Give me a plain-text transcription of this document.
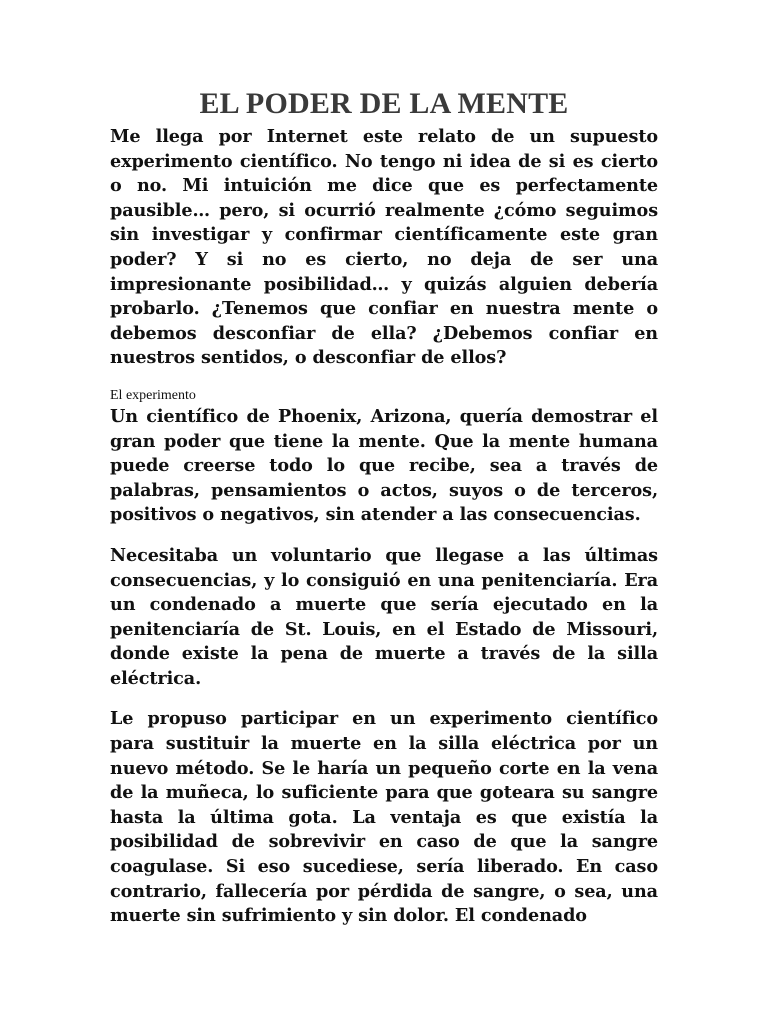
EL PODER DE LA MENTE

Me llega por Internet este relato de un supuesto experimento científico. No tengo ni idea de si es cierto o no. Mi intuición me dice que es perfectamente pausible… pero, si ocurrió realmente ¿cómo seguimos sin investigar y confirmar científicamente este gran poder? Y si no es cierto, no deja de ser una impresionante posibilidad… y quizás alguien debería probarlo. ¿Tenemos que confiar en nuestra mente o debemos desconfiar de ella? ¿Debemos confiar en nuestros sentidos, o desconfiar de ellos?

El experimento

Un científico de Phoenix, Arizona, quería demostrar el gran poder que tiene la mente. Que la mente humana puede creerse todo lo que recibe, sea a través de palabras, pensamientos o actos, suyos o de terceros, positivos o negativos, sin atender a las consecuencias.

Necesitaba un voluntario que llegase a las últimas consecuencias, y lo consiguió en una penitenciaría. Era un condenado a muerte que sería ejecutado en la penitenciaría de St. Louis, en el Estado de Missouri, donde existe la pena de muerte a través de la silla eléctrica.

Le propuso participar en un experimento científico para sustituir la muerte en la silla eléctrica por un nuevo método. Se le haría un pequeño corte en la vena de la muñeca, lo suficiente para que goteara su sangre hasta la última gota. La ventaja es que existía la posibilidad de sobrevivir en caso de que la sangre coagulase. Si eso sucediese, sería liberado. En caso contrario, fallecería por pérdida de sangre, o sea, una muerte sin sufrimiento y sin dolor. El condenado
